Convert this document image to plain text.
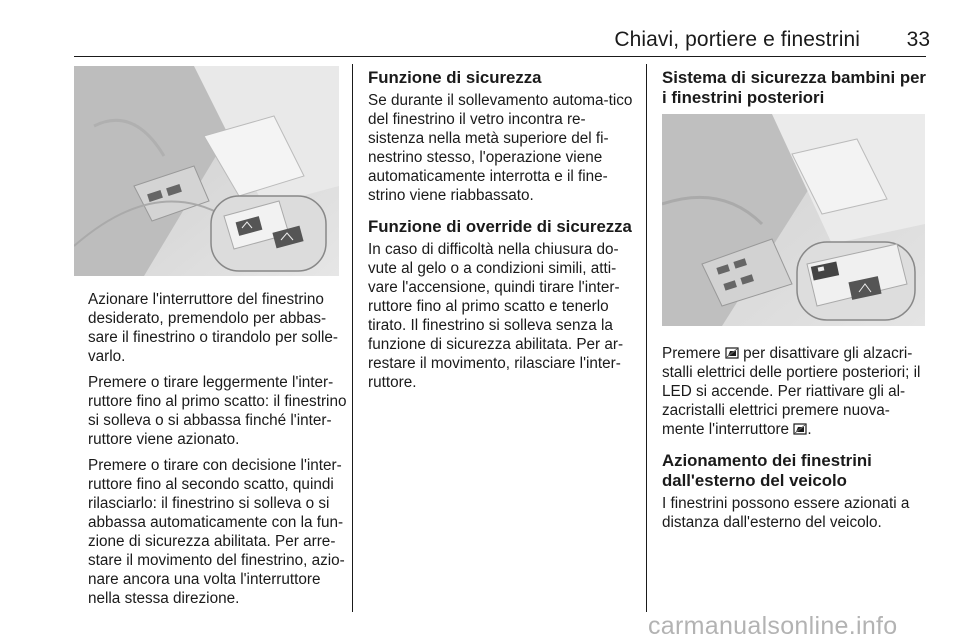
Chiavi, portiere e finestrini	33

Azionare l'interruttore del finestrino desiderato, premendolo per abbas-sare il finestrino o tirandolo per solle-varlo.

Premere o tirare leggermente l'inter-ruttore fino al primo scatto: il finestrino si solleva o si abbassa finché l'inter-ruttore viene azionato.

Premere o tirare con decisione l'inter-ruttore fino al secondo scatto, quindi rilasciarlo: il finestrino si solleva o si abbassa automaticamente con la fun-zione di sicurezza abilitata. Per arre-stare il movimento del finestrino, azio-nare ancora una volta l'interruttore nella stessa direzione.

Funzione di sicurezza

Se durante il sollevamento automa-tico del finestrino il vetro incontra re-sistenza nella metà superiore del fi-nestrino stesso, l'operazione viene automaticamente interrotta e il fine-strino viene riabbassato.

Funzione di override di sicurezza

In caso di difficoltà nella chiusura do-vute al gelo o a condizioni simili, atti-vare l'accensione, quindi tirare l'inter-ruttore fino al primo scatto e tenerlo tirato. Il finestrino si solleva senza la funzione di sicurezza abilitata. Per ar-restare il movimento, rilasciare l'inter-ruttore.

Sistema di sicurezza bambini per
i finestrini posteriori

Premere per disattivare gli alzacri-stalli elettrici delle portiere posteriori; il LED si accende. Per riattivare gli al-zacristalli elettrici premere nuova-mente l'interruttore .

Azionamento dei finestrini
dall'esterno del veicolo

I finestrini possono essere azionati a distanza dall'esterno del veicolo.

carmanualsonline.info
